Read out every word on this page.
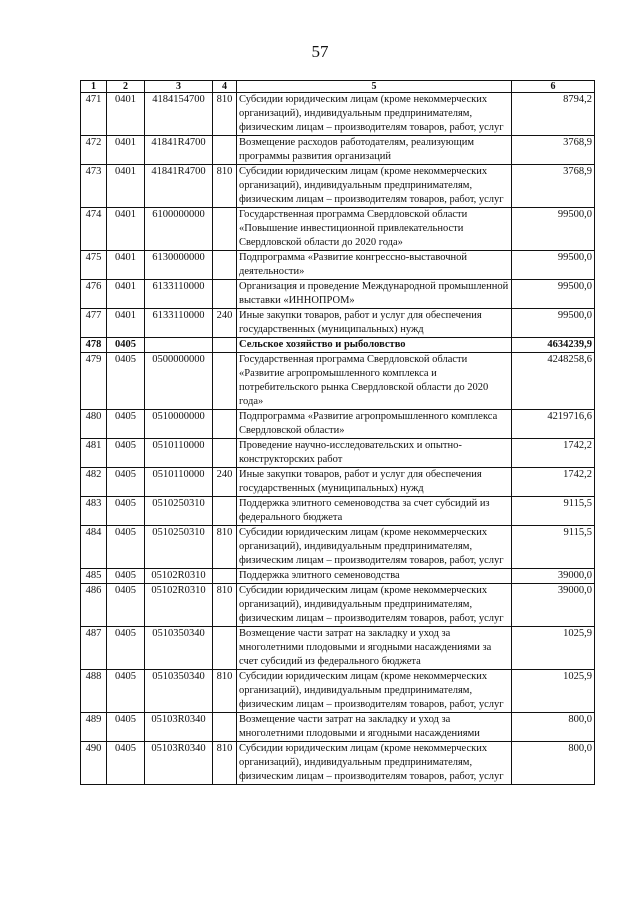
57
1	2	3	4	5	6
471	0401	4184154700	810	Субсидии юридическим лицам (кроме некоммерческих организаций), индивидуальным предпринимателям, физическим лицам – производителям товаров, работ, услуг	8794,2
472	0401	41841R4700		Возмещение расходов работодателям, реализующим программы развития организаций	3768,9
473	0401	41841R4700	810	Субсидии юридическим лицам (кроме некоммерческих организаций), индивидуальным предпринимателям, физическим лицам – производителям товаров, работ, услуг	3768,9
474	0401	6100000000		Государственная программа Свердловской области «Повышение инвестиционной привлекательности Свердловской области до 2020 года»	99500,0
475	0401	6130000000		Подпрограмма «Развитие конгрессно-выставочной деятельности»	99500,0
476	0401	6133110000		Организация и проведение Международной промышленной выставки «ИННОПРОМ»	99500,0
477	0401	6133110000	240	Иные закупки товаров, работ и услуг для обеспечения государственных (муниципальных) нужд	99500,0
478	0405			Сельское хозяйство и рыболовство	4634239,9
479	0405	0500000000		Государственная программа Свердловской области «Развитие агропромышленного комплекса и потребительского рынка Свердловской области до 2020 года»	4248258,6
480	0405	0510000000		Подпрограмма «Развитие агропромышленного комплекса Свердловской области»	4219716,6
481	0405	0510110000		Проведение научно-исследовательских и опытно-конструкторских работ	1742,2
482	0405	0510110000	240	Иные закупки товаров, работ и услуг для обеспечения государственных (муниципальных) нужд	1742,2
483	0405	0510250310		Поддержка элитного семеноводства за счет субсидий из федерального бюджета	9115,5
484	0405	0510250310	810	Субсидии юридическим лицам (кроме некоммерческих организаций), индивидуальным предпринимателям, физическим лицам – производителям товаров, работ, услуг	9115,5
485	0405	05102R0310		Поддержка элитного семеноводства	39000,0
486	0405	05102R0310	810	Субсидии юридическим лицам (кроме некоммерческих организаций), индивидуальным предпринимателям, физическим лицам – производителям товаров, работ, услуг	39000,0
487	0405	0510350340		Возмещение части затрат на закладку и уход за многолетними плодовыми и ягодными насаждениями за счет субсидий из федерального бюджета	1025,9
488	0405	0510350340	810	Субсидии юридическим лицам (кроме некоммерческих организаций), индивидуальным предпринимателям, физическим лицам – производителям товаров, работ, услуг	1025,9
489	0405	05103R0340		Возмещение части затрат на закладку и уход за многолетними плодовыми и ягодными насаждениями	800,0
490	0405	05103R0340	810	Субсидии юридическим лицам (кроме некоммерческих организаций), индивидуальным предпринимателям, физическим лицам – производителям товаров, работ, услуг	800,0
